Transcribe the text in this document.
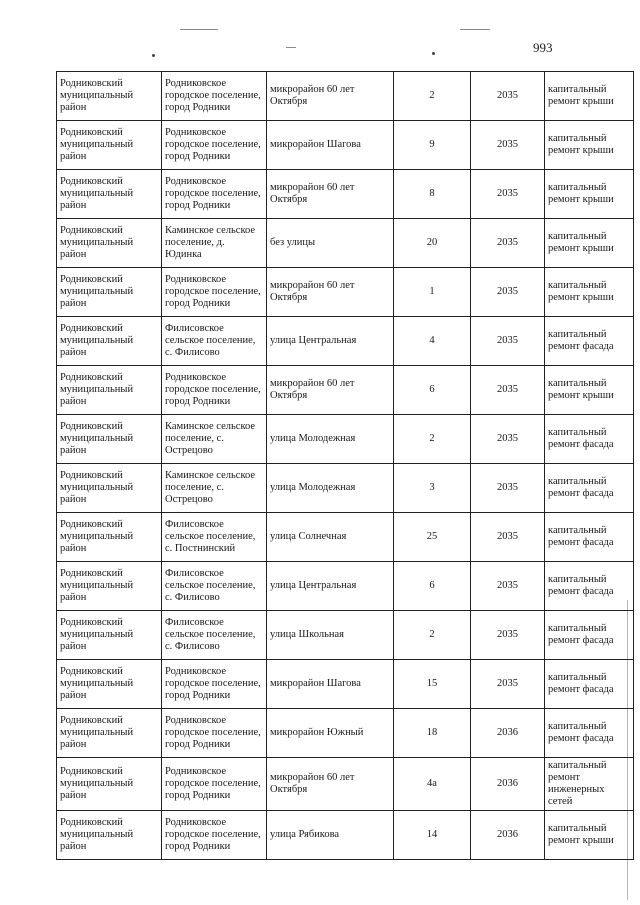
993
Родниковский муниципальный район	Родниковское городское поселение, город Родники	микрорайон 60 лет Октября	2	2035	капитальный ремонт крыши
Родниковский муниципальный район	Родниковское городское поселение, город Родники	микрорайон Шагова	9	2035	капитальный ремонт крыши
Родниковский муниципальный район	Родниковское городское поселение, город Родники	микрорайон 60 лет Октября	8	2035	капитальный ремонт крыши
Родниковский муниципальный район	Каминское сельское поселение, д. Юдинка	без улицы	20	2035	капитальный ремонт крыши
Родниковский муниципальный район	Родниковское городское поселение, город Родники	микрорайон 60 лет Октября	1	2035	капитальный ремонт крыши
Родниковский муниципальный район	Филисовское сельское поселение, с. Филисово	улица Центральная	4	2035	капитальный ремонт фасада
Родниковский муниципальный район	Родниковское городское поселение, город Родники	микрорайон 60 лет Октября	6	2035	капитальный ремонт крыши
Родниковский муниципальный район	Каминское сельское поселение, с. Острецово	улица Молодежная	2	2035	капитальный ремонт фасада
Родниковский муниципальный район	Каминское сельское поселение, с. Острецово	улица Молодежная	3	2035	капитальный ремонт фасада
Родниковский муниципальный район	Филисовское сельское поселение, с. Постнинский	улица Солнечная	25	2035	капитальный ремонт фасада
Родниковский муниципальный район	Филисовское сельское поселение, с. Филисово	улица Центральная	6	2035	капитальный ремонт фасада
Родниковский муниципальный район	Филисовское сельское поселение, с. Филисово	улица Школьная	2	2035	капитальный ремонт фасада
Родниковский муниципальный район	Родниковское городское поселение, город Родники	микрорайон Шагова	15	2035	капитальный ремонт фасада
Родниковский муниципальный район	Родниковское городское поселение, город Родники	микрорайон Южный	18	2036	капитальный ремонт фасада
Родниковский муниципальный район	Родниковское городское поселение, город Родники	микрорайон 60 лет Октября	4а	2036	капитальный ремонт инженерных сетей
Родниковский муниципальный район	Родниковское городское поселение, город Родники	улица Рябикова	14	2036	капитальный ремонт крыши
